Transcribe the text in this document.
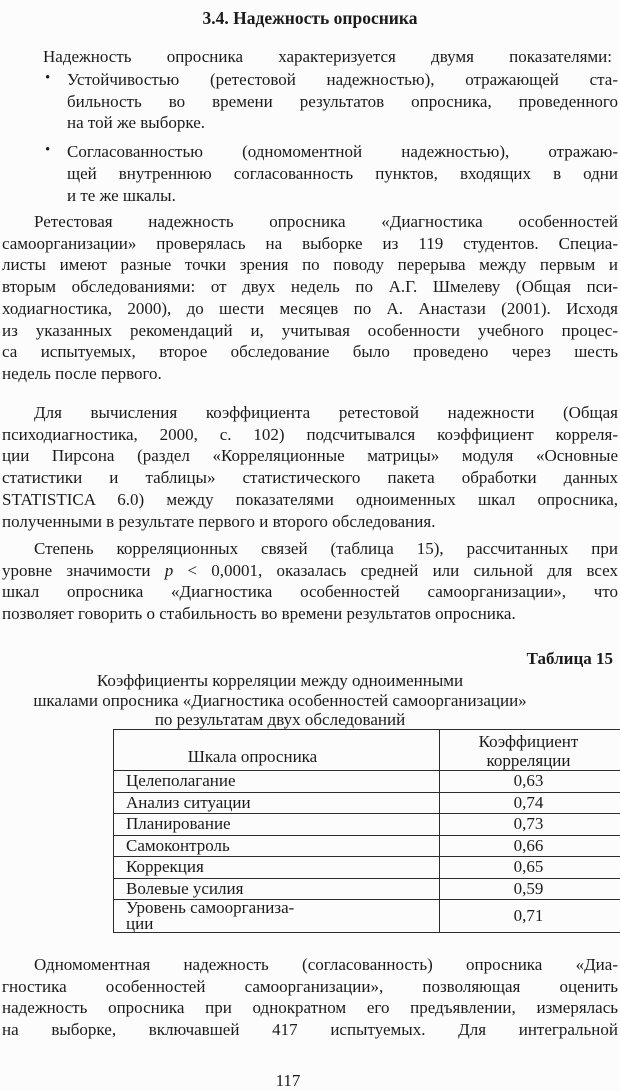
3.4. Надежность опросника
Надежность опросника характеризуется двумя показателями:
• Устойчивостью (ретестовой надежностью), отражающей ста-
бильность во времени результатов опросника, проведенного
на той же выборке.
• Согласованностью (одномоментной надежностью), отражаю-
щей внутреннюю согласованность пунктов, входящих в одни
и те же шкалы.
Ретестовая надежность опросника «Диагностика особенностей
самоорганизации» проверялась на выборке из 119 студентов. Специа-
листы имеют разные точки зрения по поводу перерыва между первым и
вторым обследованиями: от двух недель по А.Г. Шмелеву (Общая пси-
ходиагностика, 2000), до шести месяцев по А. Анастази (2001). Исходя
из указанных рекомендаций и, учитывая особенности учебного процес-
са испытуемых, второе обследование было проведено через шесть
недель после первого.
Для вычисления коэффициента ретестовой надежности (Общая
психодиагностика, 2000, с. 102) подсчитывался коэффициент корреля-
ции Пирсона (раздел «Корреляционные матрицы» модуля «Основные
статистики и таблицы» статистического пакета обработки данных
STATISTICA 6.0) между показателями одноименных шкал опросника,
полученными в результате первого и второго обследования.
Степень корреляционных связей (таблица 15), рассчитанных при
уровне значимости p < 0,0001, оказалась средней или сильной для всех
шкал опросника «Диагностика особенностей самоорганизации», что
позволяет говорить о стабильность во времени результатов опросника.
Таблица 15
Коэффициенты корреляции между одноименными
шкалами опросника «Диагностика особенностей самоорганизации»
по результатам двух обследований
Шкала опросника	Коэффициент
корреляции

Целеполагание	0,63
Анализ ситуации	0,74
Планирование	0,73
Самоконтроль	0,66
Коррекция	0,65
Волевые усилия	0,59

Уровень самоорганиза-
ции	0,71
Одномоментная надежность (согласованность) опросника «Диа-
гностика особенностей самоорганизации», позволяющая оценить
надежность опросника при однократном его предъявлении, измерялась
на выборке, включавшей 417 испытуемых. Для интегральной
117
